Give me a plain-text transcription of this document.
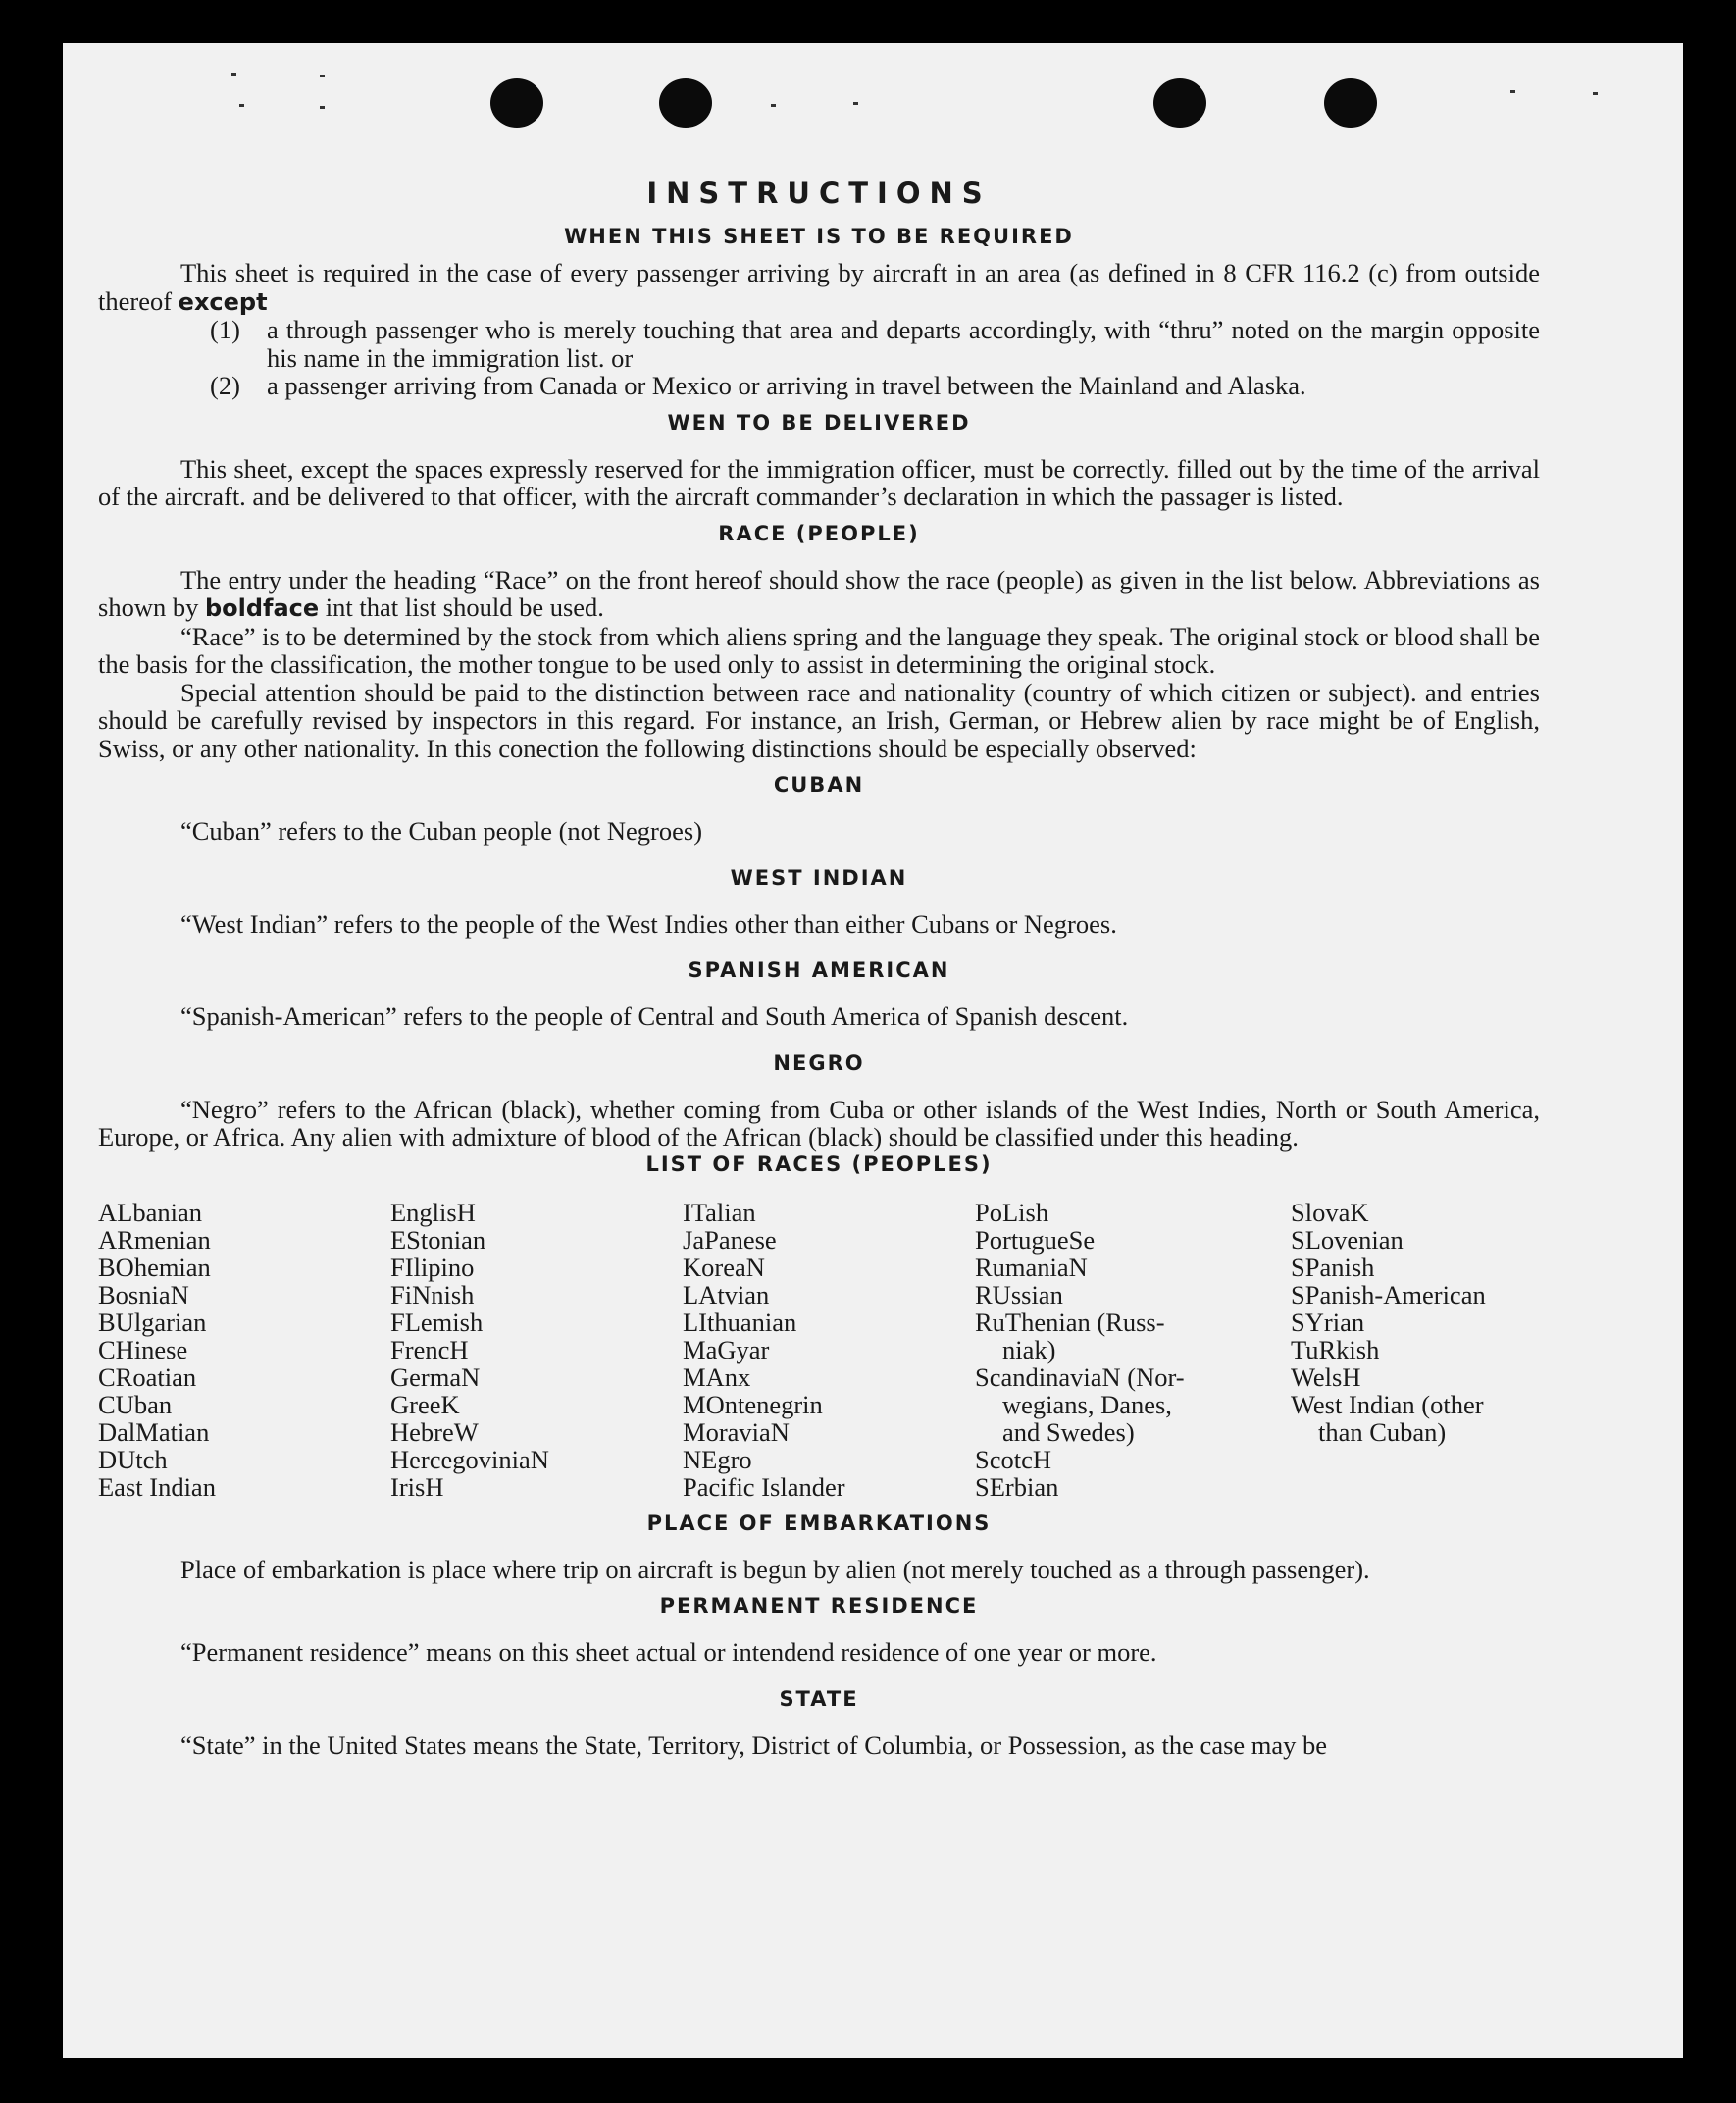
INSTRUCTIONS
WHEN THIS SHEET IS TO BE REQUIRED

This sheet is required in the case of every passenger arriving by aircraft in an area (as defined in 8 CFR 116.2 (c) from outside thereof except

(1)	a through passenger who is merely touching that area and departs accordingly, with “thru” noted on the margin opposite his name in the immigration list. or
(2)	a passenger arriving from Canada or Mexico or arriving in travel between the Mainland and Alaska.
WEN TO BE DELIVERED

This sheet, except the spaces expressly reserved for the immigration officer, must be correctly. filled out by the time of the arrival of the aircraft. and be delivered to that officer, with the aircraft commander’s declaration in which the passager is listed.

RACE (PEOPLE)

The entry under the heading “Race” on the front hereof should show the race (people) as given in the list below. Abbreviations as shown by boldface int that list should be used.

“Race” is to be determined by the stock from which aliens spring and the language they speak. The original stock or blood shall be the basis for the classification, the mother tongue to be used only to assist in determining the original stock.

Special attention should be paid to the distinction between race and nationality (country of which citizen or subject). and entries should be carefully revised by inspectors in this regard. For instance, an Irish, German, or Hebrew alien by race might be of English, Swiss, or any other nationality. In this conection the following distinctions should be especially observed:

CUBAN

“Cuban” refers to the Cuban people (not Negroes)

WEST INDIAN

“West Indian” refers to the people of the West Indies other than either Cubans or Negroes.

SPANISH AMERICAN

“Spanish-American” refers to the people of Central and South America of Spanish descent.

NEGRO

“Negro” refers to the African (black), whether coming from Cuba or other islands of the West Indies, North or South America, Europe, or Africa. Any alien with admixture of blood of the African (black) should be classified under this heading.

LIST OF RACES (PEOPLES)
ALbanian
ARmenian
BOhemian
BosniaN
BUlgarian
CHinese
CRoatian
CUban
DalMatian
DUtch
East Indian
EnglisH
EStonian
FIlipino
FiNnish
FLemish
FrencH
GermaN
GreeK
HebreW
HercegoviniaN
IrisH
ITalian
JaPanese
KoreaN
LAtvian
LIthuanian
MaGyar
MAnx
MOntenegrin
MoraviaN
NEgro
Pacific Islander
PoLish
PortugueSe
RumaniaN
RUssian
RuThenian (Russ-
niak)
ScandinaviaN (Nor-
wegians, Danes,
and Swedes)
ScotcH
SErbian
SlovaK
SLovenian
SPanish
SPanish-American
SYrian
TuRkish
WelsH
West Indian (other
than Cuban)
PLACE OF EMBARKATIONS

Place of embarkation is place where trip on aircraft is begun by alien (not merely touched as a through passenger).

PERMANENT RESIDENCE

“Permanent residence” means on this sheet actual or intendend residence of one year or more.

STATE

“State” in the United States means the State, Territory, District of Columbia, or Possession, as the case may be
